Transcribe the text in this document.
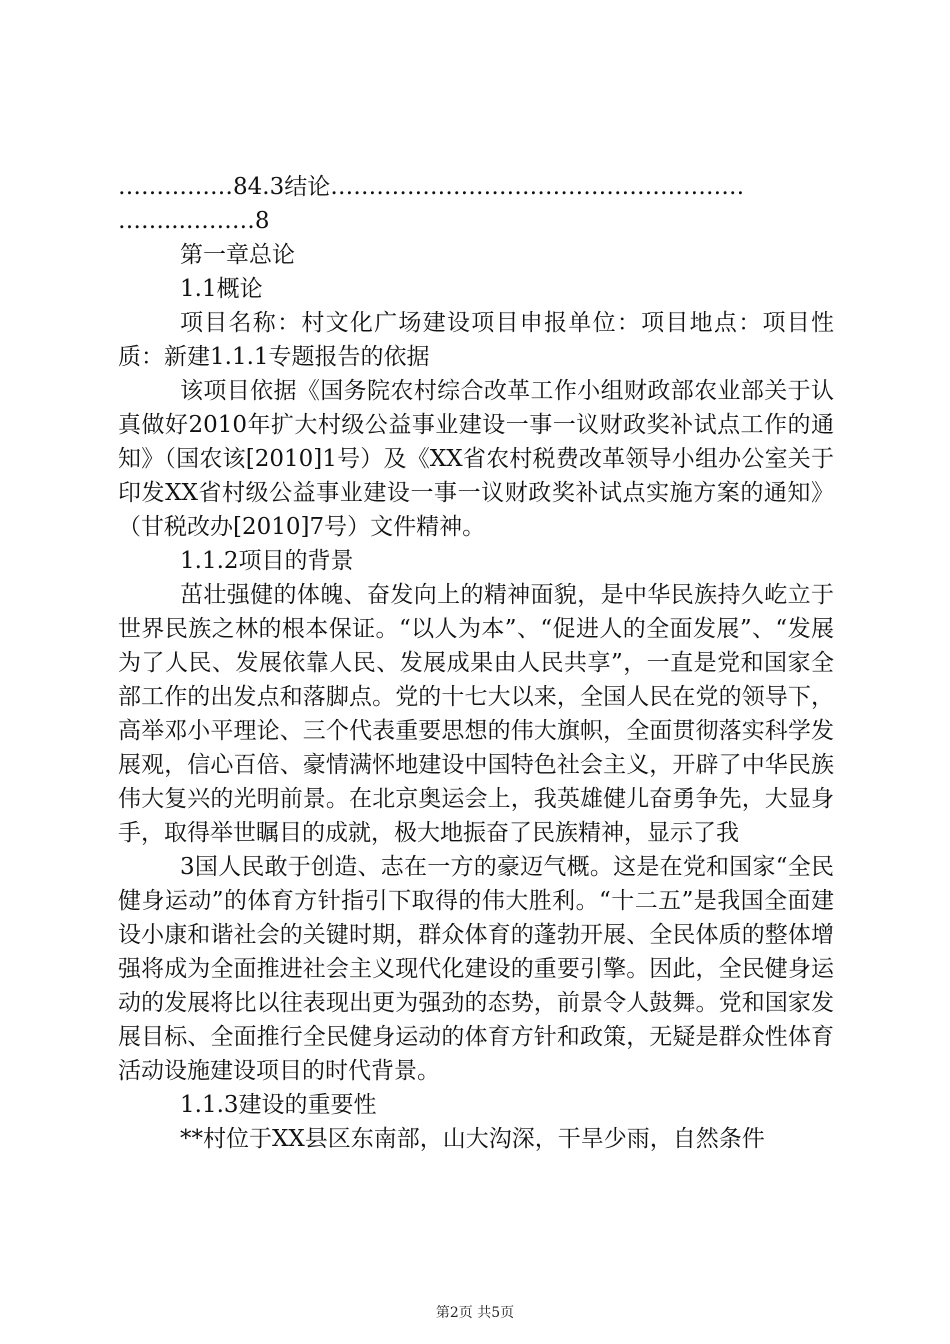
……………84.3结论………………………………………………
……...………8
第一章总论
1.1概论
项目名称：村文化广场建设项目申报单位：项目地点：项目性质：新建1.1.1专题报告的依据
该项目依据《国务院农村综合改革工作小组财政部农业部关于认真做好2010年扩大村级公益事业建设一事一议财政奖补试点工作的通知》（国农该[2010]1号）及《XX省农村税费改革领导小组办公室关于印发XX省村级公益事业建设一事一议财政奖补试点实施方案的通知》（甘税改办[2010]7号）文件精神。
1.1.2项目的背景
茁壮强健的体魄、奋发向上的精神面貌，是中华民族持久屹立于世界民族之林的根本保证。“以人为本”、“促进人的全面发展”、“发展为了人民、发展依靠人民、发展成果由人民共享”，一直是党和国家全部工作的出发点和落脚点。党的十七大以来，全国人民在党的领导下，高举邓小平理论、三个代表重要思想的伟大旗帜，全面贯彻落实科学发展观，信心百倍、豪情满怀地建设中国特色社会主义，开辟了中华民族伟大复兴的光明前景。在北京奥运会上，我英雄健儿奋勇争先，大显身手，取得举世瞩目的成就，极大地振奋了民族精神，显示了我
3国人民敢于创造、志在一方的豪迈气概。这是在党和国家“全民健身运动”的体育方针指引下取得的伟大胜利。“十二五”是我国全面建设小康和谐社会的关键时期，群众体育的蓬勃开展、全民体质的整体增强将成为全面推进社会主义现代化建设的重要引擎。因此，全民健身运动的发展将比以往表现出更为强劲的态势，前景令人鼓舞。党和国家发展目标、全面推行全民健身运动的体育方针和政策，无疑是群众性体育活动设施建设项目的时代背景。
1.1.3建设的重要性
**村位于XX县区东南部，山大沟深，干旱少雨，自然条件
第2页 共5页
